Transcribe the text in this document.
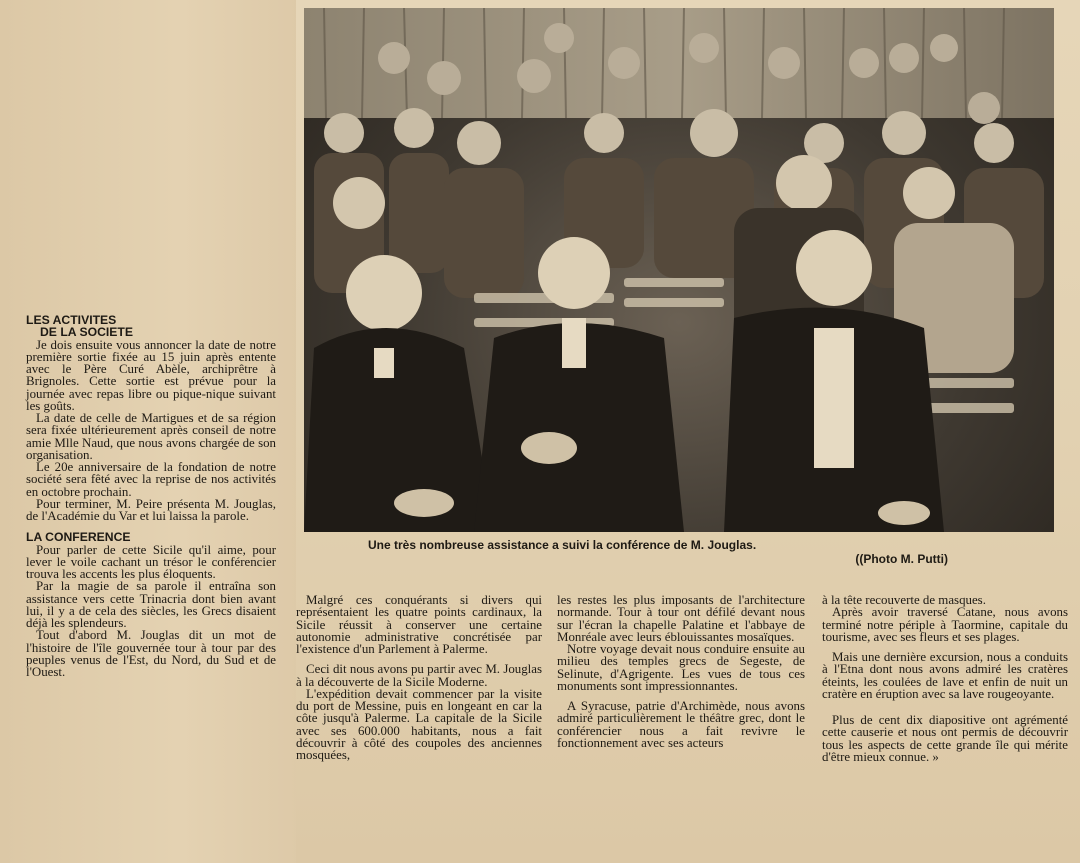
Une très nombreuse assistance a suivi la conférence de M. Jouglas.
((Photo M. Putti)
LES ACTIVITES
DE LA SOCIETE

Je dois ensuite vous annoncer la date de notre première sortie fixée au 15 juin après entente avec le Père Curé Abèle, archiprêtre à Brignoles. Cette sortie est prévue pour la journée avec repas libre ou pique-nique suivant les goûts.

La date de celle de Martigues et de sa région sera fixée ultérieurement après conseil de notre amie Mlle Naud, que nous avons chargée de son organisation.

Le 20e anniversaire de la fondation de notre société sera fêté avec la reprise de nos activités en octobre prochain.

Pour terminer, M. Peire présenta M. Jouglas, de l'Académie du Var et lui laissa la parole.

LA CONFERENCE

Pour parler de cette Sicile qu'il aime, pour lever le voile cachant un trésor le conférencier trouva les accents les plus éloquents.

Par la magie de sa parole il entraîna son assistance vers cette Trinacria dont bien avant lui, il y a de cela des siècles, les Grecs disaient déjà les splendeurs.

Tout d'abord M. Jouglas dit un mot de l'histoire de l'île gouvernée tour à tour par des peuples venus de l'Est, du Nord, du Sud et de l'Ouest.

Malgré ces conquérants si divers qui représentaient les quatre points cardinaux, la Sicile réussit à conserver une certaine autonomie administrative concrétisée par l'existence d'un Parlement à Palerme.

Ceci dit nous avons pu partir avec M. Jouglas à la découverte de la Sicile Moderne.

L'expédition devait commencer par la visite du port de Messine, puis en longeant en car la côte jusqu'à Palerme. La capitale de la Sicile avec ses 600.000 habitants, nous a fait découvrir à côté des coupoles des anciennes mosquées,

les restes les plus imposants de l'architecture normande. Tour à tour ont défilé devant nous sur l'écran la chapelle Palatine et l'abbaye de Monréale avec leurs éblouissantes mosaïques.

Notre voyage devait nous conduire ensuite au milieu des temples grecs de Segeste, de Selinute, d'Agrigente. Les vues de tous ces monuments sont impressionnantes.

A Syracuse, patrie d'Archimède, nous avons admiré particulièrement le théâtre grec, dont le conférencier nous a fait revivre le fonctionnement avec ses acteurs

à la tête recouverte de masques.

Après avoir traversé Catane, nous avons terminé notre périple à Taormine, capitale du tourisme, avec ses fleurs et ses plages.

Mais une dernière excursion, nous a conduits à l'Etna dont nous avons admiré les cratères éteints, les coulées de lave et enfin de nuit un cratère en éruption avec sa lave rougeoyante.

Plus de cent dix diapositive ont agrémenté cette causerie et nous ont permis de découvrir tous les aspects de cette grande île qui mérite d'être mieux connue. »
